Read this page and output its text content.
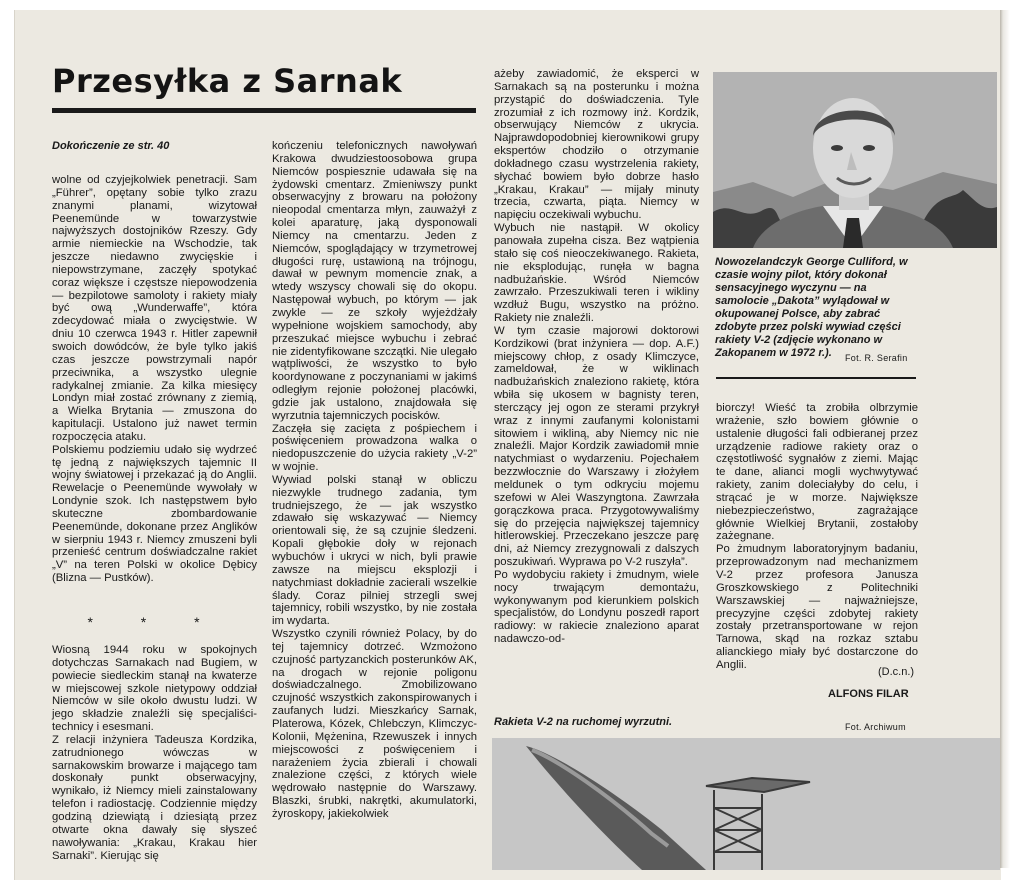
Przesyłka z Sarnak
Dokończenie ze str. 40
wolne od czyjejkolwiek penetracji. Sam „Führer”, opętany sobie tylko zrazu znanymi planami, wizytował Peenemünde w towarzystwie najwyższych dostojników Rzeszy. Gdy armie niemieckie na Wschodzie, tak jeszcze niedawno zwycięskie i niepowstrzymane, zaczęły spotykać coraz większe i częstsze niepowodzenia — bezpilotowe samoloty i rakiety miały być ową „Wunderwaffe”, która zdecydować miała o zwycięstwie. W dniu 10 czerwca 1943 r. Hitler zapewnił swoich dowódców, że byle tylko jakiś czas jeszcze powstrzymali napór przeciwnika, a wszystko ulegnie radykalnej zmianie. Za kilka miesięcy Londyn miał zostać zrównany z ziemią, a Wielka Brytania — zmuszona do kapitulacji. Ustalono już nawet termin rozpoczęcia ataku.
Polskiemu podziemiu udało się wydrzeć tę jedną z największych tajemnic II wojny światowej i przekazać ją do Anglii. Rewelacje o Peenemünde wywołały w Londynie szok. Ich następstwem było skuteczne zbombardowanie Peenemünde, dokonane przez Anglików w sierpniu 1943 r. Niemcy zmuszeni byli przenieść centrum doświadczalne rakiet „V” na teren Polski w okolice Dębicy (Blizna — Pustków).
* * *
Wiosną 1944 roku w spokojnych dotychczas Sarnakach nad Bugiem, w powiecie siedleckim stanął na kwaterze w miejscowej szkole nietypowy oddział Niemców w sile około dwustu ludzi. W jego składzie znaleźli się specjaliści-technicy i esesmani.
Z relacji inżyniera Tadeusza Kordzika, zatrudnionego wówczas w sarnakowskim browarze i mającego tam doskonały punkt obserwacyjny, wynikało, iż Niemcy mieli zainstalowany telefon i radiostację. Codziennie między godziną dziewiątą i dziesiątą przez otwarte okna dawały się słyszeć nawoływania: „Krakau, Krakau hier Sarnaki”. Kierując się
kończeniu telefonicznych nawoływań Krakowa dwudziestoosobowa grupa Niemców pospiesznie udawała się na żydowski cmentarz. Zmieniwszy punkt obserwacyjny z browaru na położony nieopodal cmentarza młyn, zauważył z kolei aparaturę, jaką dysponowali Niemcy na cmentarzu. Jeden z Niemców, spoglądający w trzymetrowej długości rurę, ustawioną na trójnogu, dawał w pewnym momencie znak, a wtedy wszyscy chowali się do okopu. Następował wybuch, po którym — jak zwykle — ze szkoły wyjeżdżały wypełnione wojskiem samochody, aby przeszukać miejsce wybuchu i zebrać nie zidentyfikowane szczątki. Nie ulegało wątpliwości, że wszystko to było koordynowane z poczynaniami w jakimś odległym rejonie położonej placówki, gdzie jak ustalono, znajdowała się wyrzutnia tajemniczych pocisków.
Zaczęła się zacięta z pośpiechem i poświęceniem prowadzona walka o niedopuszczenie do użycia rakiety „V-2” w wojnie.
Wywiad polski stanął w obliczu niezwykle trudnego zadania, tym trudniejszego, że — jak wszystko zdawało się wskazywać — Niemcy orientowali się, że są czujnie śledzeni. Kopali głębokie doły w rejonach wybuchów i ukryci w nich, byli prawie zawsze na miejscu eksplozji i natychmiast dokładnie zacierali wszelkie ślady. Coraz pilniej strzegli swej tajemnicy, robili wszystko, by nie została im wydarta.
Wszystko czynili również Polacy, by do tej tajemnicy dotrzeć. Wzmożono czujność partyzanckich posterunków AK, na drogach w rejonie poligonu doświadczalnego. Zmobilizowano czujność wszystkich zakonspirowanych i zaufanych ludzi. Mieszkańcy Sarnak, Platerowa, Kózek, Chlebczyn, Klimczyc-Kolonii, Mężenina, Rzewuszek i innych miejscowości z poświęceniem i narażeniem życia zbierali i chowali znalezione części, z których wiele wędrowało następnie do Warszawy. Blaszki, śrubki, nakrętki, akumulatorki, żyroskopy, jakiekolwiek
ażeby zawiadomić, że eksperci w Sarnakach są na posterunku i można przystąpić do doświadczenia. Tyle zrozumiał z ich rozmowy inż. Kordzik, obserwujący Niemców z ukrycia. Najprawdopodobniej kierownikowi grupy ekspertów chodziło o otrzymanie dokładnego czasu wystrzelenia rakiety, słychać bowiem było dobrze hasło „Krakau, Krakau” — mijały minuty trzecia, czwarta, piąta. Niemcy w napięciu oczekiwali wybuchu.
Wybuch nie nastąpił. W okolicy panowała zupełna cisza. Bez wątpienia stało się coś nieoczekiwanego. Rakieta, nie eksplodując, runęła w bagna nadbużańskie. Wśród Niemców zawrzało. Przeszukiwali teren i wikliny wzdłuż Bugu, wszystko na próżno. Rakiety nie znaleźli.
W tym czasie majorowi doktorowi Kordzikowi (brat inżyniera — dop. A.F.) miejscowy chłop, z osady Klimczyce, zameldował, że w wiklinach nadbużańskich znaleziono rakietę, która wbiła się ukosem w bagnisty teren, sterczący jej ogon ze sterami przykrył wraz z innymi zaufanymi kolonistami sitowiem i wikliną, aby Niemcy nic nie znaleźli. Major Kordzik zawiadomił mnie natychmiast o wydarzeniu. Pojechałem bezzwłocznie do Warszawy i złożyłem meldunek o tym odkryciu mojemu szefowi w Alei Waszyngtona. Zawrzała gorączkowa praca. Przygotowywaliśmy się do przejęcia największej tajemnicy hitlerowskiej. Przeczekano jeszcze parę dni, aż Niemcy zrezygnowali z dalszych poszukiwań. Wyprawa po V-2 ruszyła”.
Po wydobyciu rakiety i żmudnym, wiele nocy trwającym demontażu, wykonywanym pod kierunkiem polskich specjalistów, do Londynu poszedł raport radiowy: w rakiecie znaleziono aparat nadawczo-od-
Nowozelandczyk George Culliford, w czasie wojny pilot, który dokonał sensacyjnego wyczynu — na samolocie „Dakota” wylądował w okupowanej Polsce, aby zabrać zdobyte przez polski wywiad części rakiety V-2 (zdjęcie wykonano w Zakopanem w 1972 r.).	Fot. R. Serafin
biorczy! Wieść ta zrobiła olbrzymie wrażenie, szło bowiem głównie o ustalenie długości fali odbieranej przez urządzenie radiowe rakiety oraz o częstotliwość sygnałów z ziemi. Mając te dane, alianci mogli wychwytywać rakiety, zanim doleciałyby do celu, i strącać je w morze. Największe niebezpieczeństwo, zagrażające głównie Wielkiej Brytanii, zostałoby zażegnane.
Po żmudnym laboratoryjnym badaniu, przeprowadzonym nad mechanizmem V-2 przez profesora Janusza Groszkowskiego z Politechniki Warszawskiej — najważniejsze, precyzyjne części zdobytej rakiety zostały przetransportowane w rejon Tarnowa, skąd na rozkaz sztabu alianckiego miały być dostarczone do Anglii.
(D.c.n.)
ALFONS FILAR
Rakieta V-2 na ruchomej wyrzutni.	Fot. Archiwum
